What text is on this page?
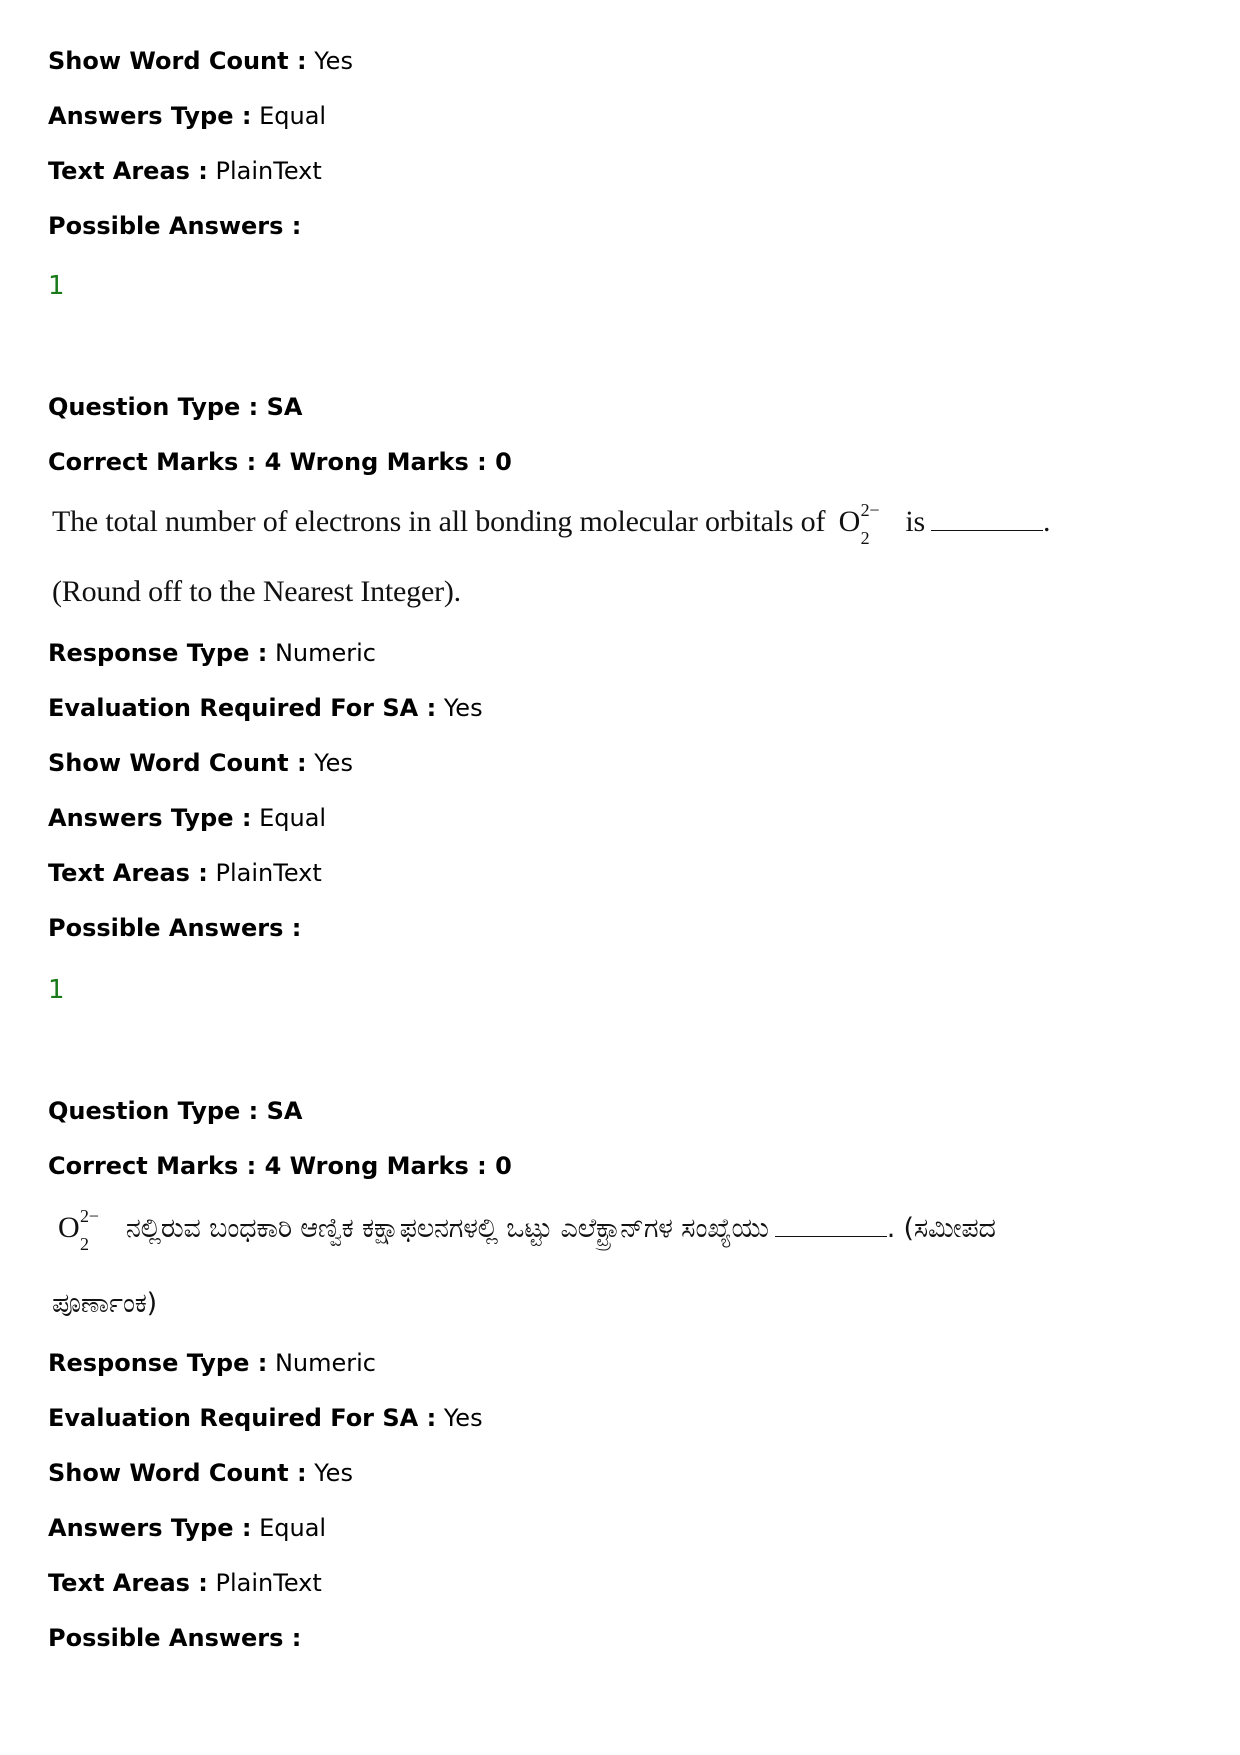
Show Word Count : Yes
Answers Type : Equal
Text Areas : PlainText
Possible Answers :
1
Question Type : SA
Correct Marks : 4 Wrong Marks : 0
The total number of electrons in all bonding molecular orbitals of O 2−
2 is	.
(Round off to the Nearest Integer).
Response Type : Numeric
Evaluation Required For SA : Yes
Show Word Count : Yes
Answers Type : Equal
Text Areas : PlainText
Possible Answers :
1
Question Type : SA
Correct Marks : 4 Wrong Marks : 0
O 2−
2 ನಲ್ಲಿರುವ ಬಂಧಕಾರಿ ಆಣ್ವಿಕ ಕಕ್ಷಾಫಲನಗಳಲ್ಲಿ ಒಟ್ಟು ಎಲೆಕ್ಟ್ರಾನ್‌ಗಳ ಸಂಖ್ಯೆಯು	. (ಸಮೀಪದ
ಪೂರ್ಣಾಂಕ)
Response Type : Numeric
Evaluation Required For SA : Yes
Show Word Count : Yes
Answers Type : Equal
Text Areas : PlainText
Possible Answers :
